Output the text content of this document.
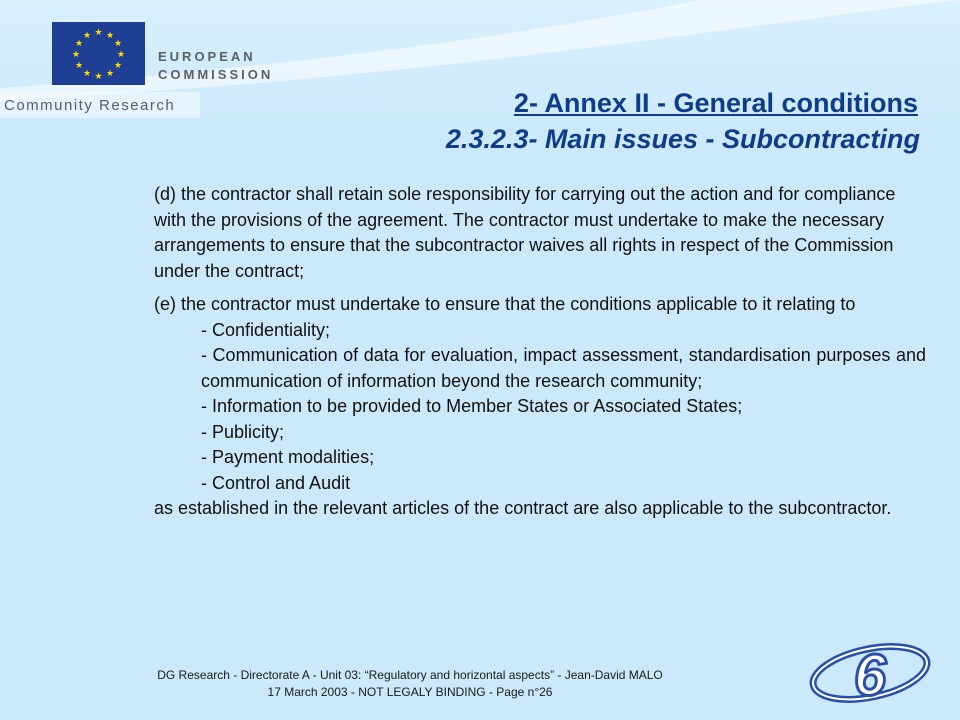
★ ★
★
★
★
★
★
★
★
★
★
★
EUROPEAN
COMMISSION
Community Research	2- Annex II - General conditions
2.3.2.3- Main issues - Subcontracting

(d) the contractor shall retain sole responsibility for carrying out the action and for compliance with the provisions of the agreement. The contractor must undertake to make the necessary arrangements to ensure that the subcontractor waives all rights in respect of the Commission under the contract;

(e) the contractor must undertake to ensure that the conditions applicable to it relating to

- Confidentiality;
- Communication of data for evaluation, impact assessment, standardisation purposes and communication of information beyond the research community;
- Information to be provided to Member States or Associated States;
- Publicity;
- Payment modalities;
- Control and Audit

as established in the relevant articles of the contract are also applicable to the subcontractor.

DG Research - Directorate A - Unit 03: “Regulatory and horizontal aspects” - Jean-David MALO
17 March 2003 - NOT LEGALY BINDING - Page n°26	6
